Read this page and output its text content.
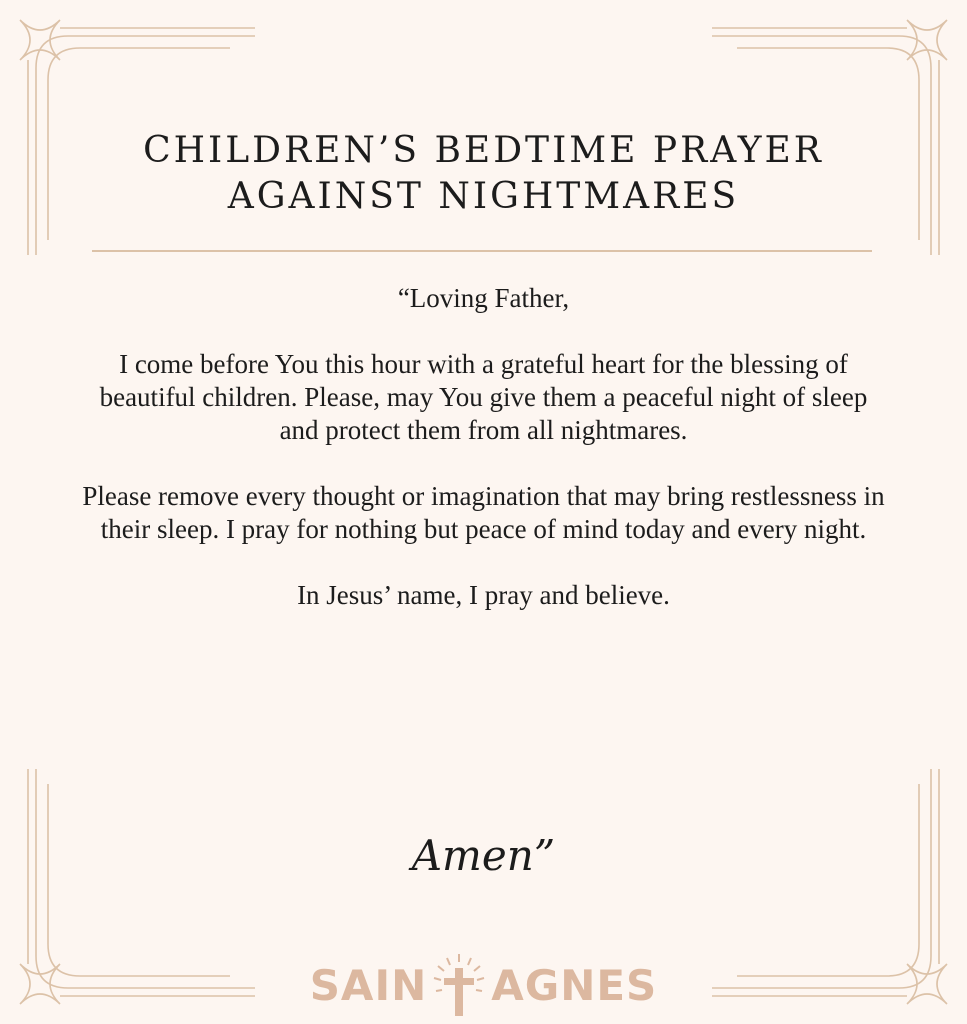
CHILDREN’S BEDTIME PRAYER
AGAINST NIGHTMARES

“Loving Father,

I come before You this hour with a grateful heart for the blessing of beautiful children. Please, may You give them a peaceful night of sleep and protect them from all nightmares.

Please remove every thought or imagination that may bring restlessness in their sleep. I pray for nothing but peace of mind today and every night.

In Jesus’ name, I pray and believe.

Amen”
SAIN AGNES
